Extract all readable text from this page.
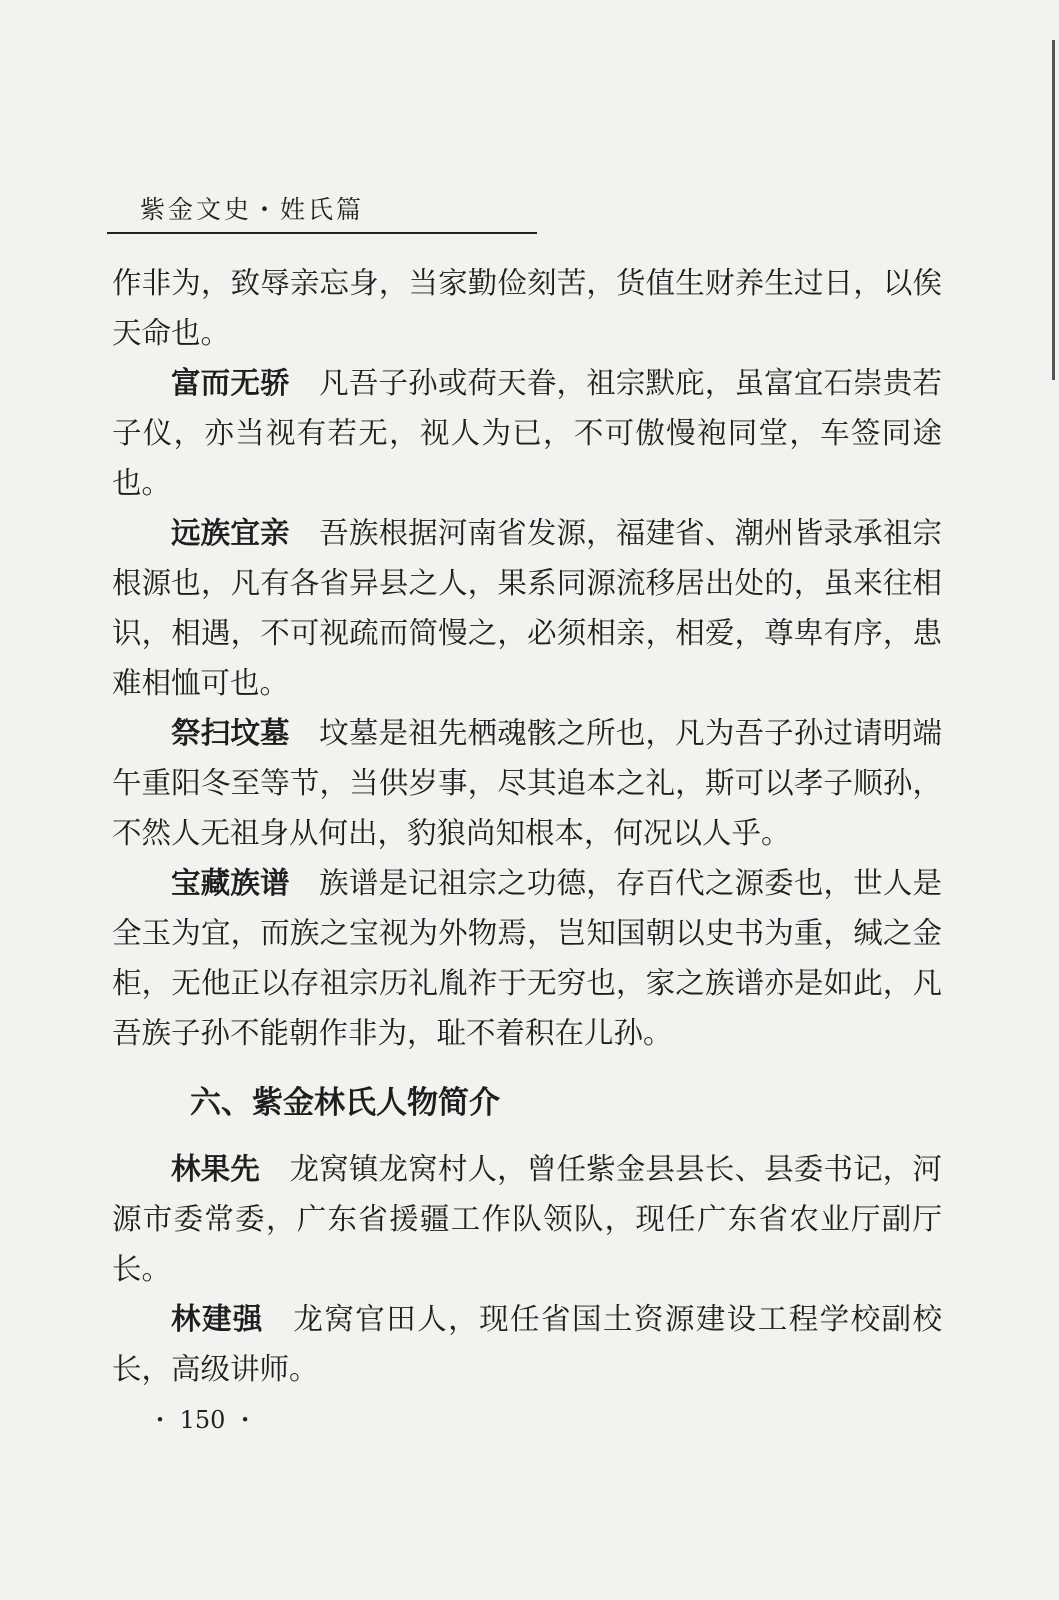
紫金文史・姓氏篇

作非为，致辱亲忘身，当家勤俭刻苦，货值生财养生过日，以俟天命也。

富而无骄 凡吾子孙或荷天眷，祖宗默庇，虽富宜石崇贵若子仪，亦当视有若无，视人为已，不可傲慢袍同堂，车签同途也。

远族宜亲 吾族根据河南省发源，福建省、潮州皆录承祖宗根源也，凡有各省异县之人，果系同源流移居出处的，虽来往相识，相遇，不可视疏而简慢之，必须相亲，相爱，尊卑有序，患难相恤可也。

祭扫坟墓 坟墓是祖先栖魂骸之所也，凡为吾子孙过请明端午重阳冬至等节，当供岁事，尽其追本之礼，斯可以孝子顺孙，不然人无祖身从何出，豹狼尚知根本，何况以人乎。

宝藏族谱 族谱是记祖宗之功德，存百代之源委也，世人是全玉为宜，而族之宝视为外物焉，岂知国朝以史书为重，缄之金柜，无他正以存祖宗历礼胤祚于无穷也，家之族谱亦是如此，凡吾族子孙不能朝作非为，耻不着积在儿孙。

六、紫金林氏人物简介

林果先 龙窝镇龙窝村人，曾任紫金县县长、县委书记，河源市委常委，广东省援疆工作队领队，现任广东省农业厅副厅长。

林建强 龙窝官田人，现任省国土资源建设工程学校副校长，高级讲师。

・ 150 ・
